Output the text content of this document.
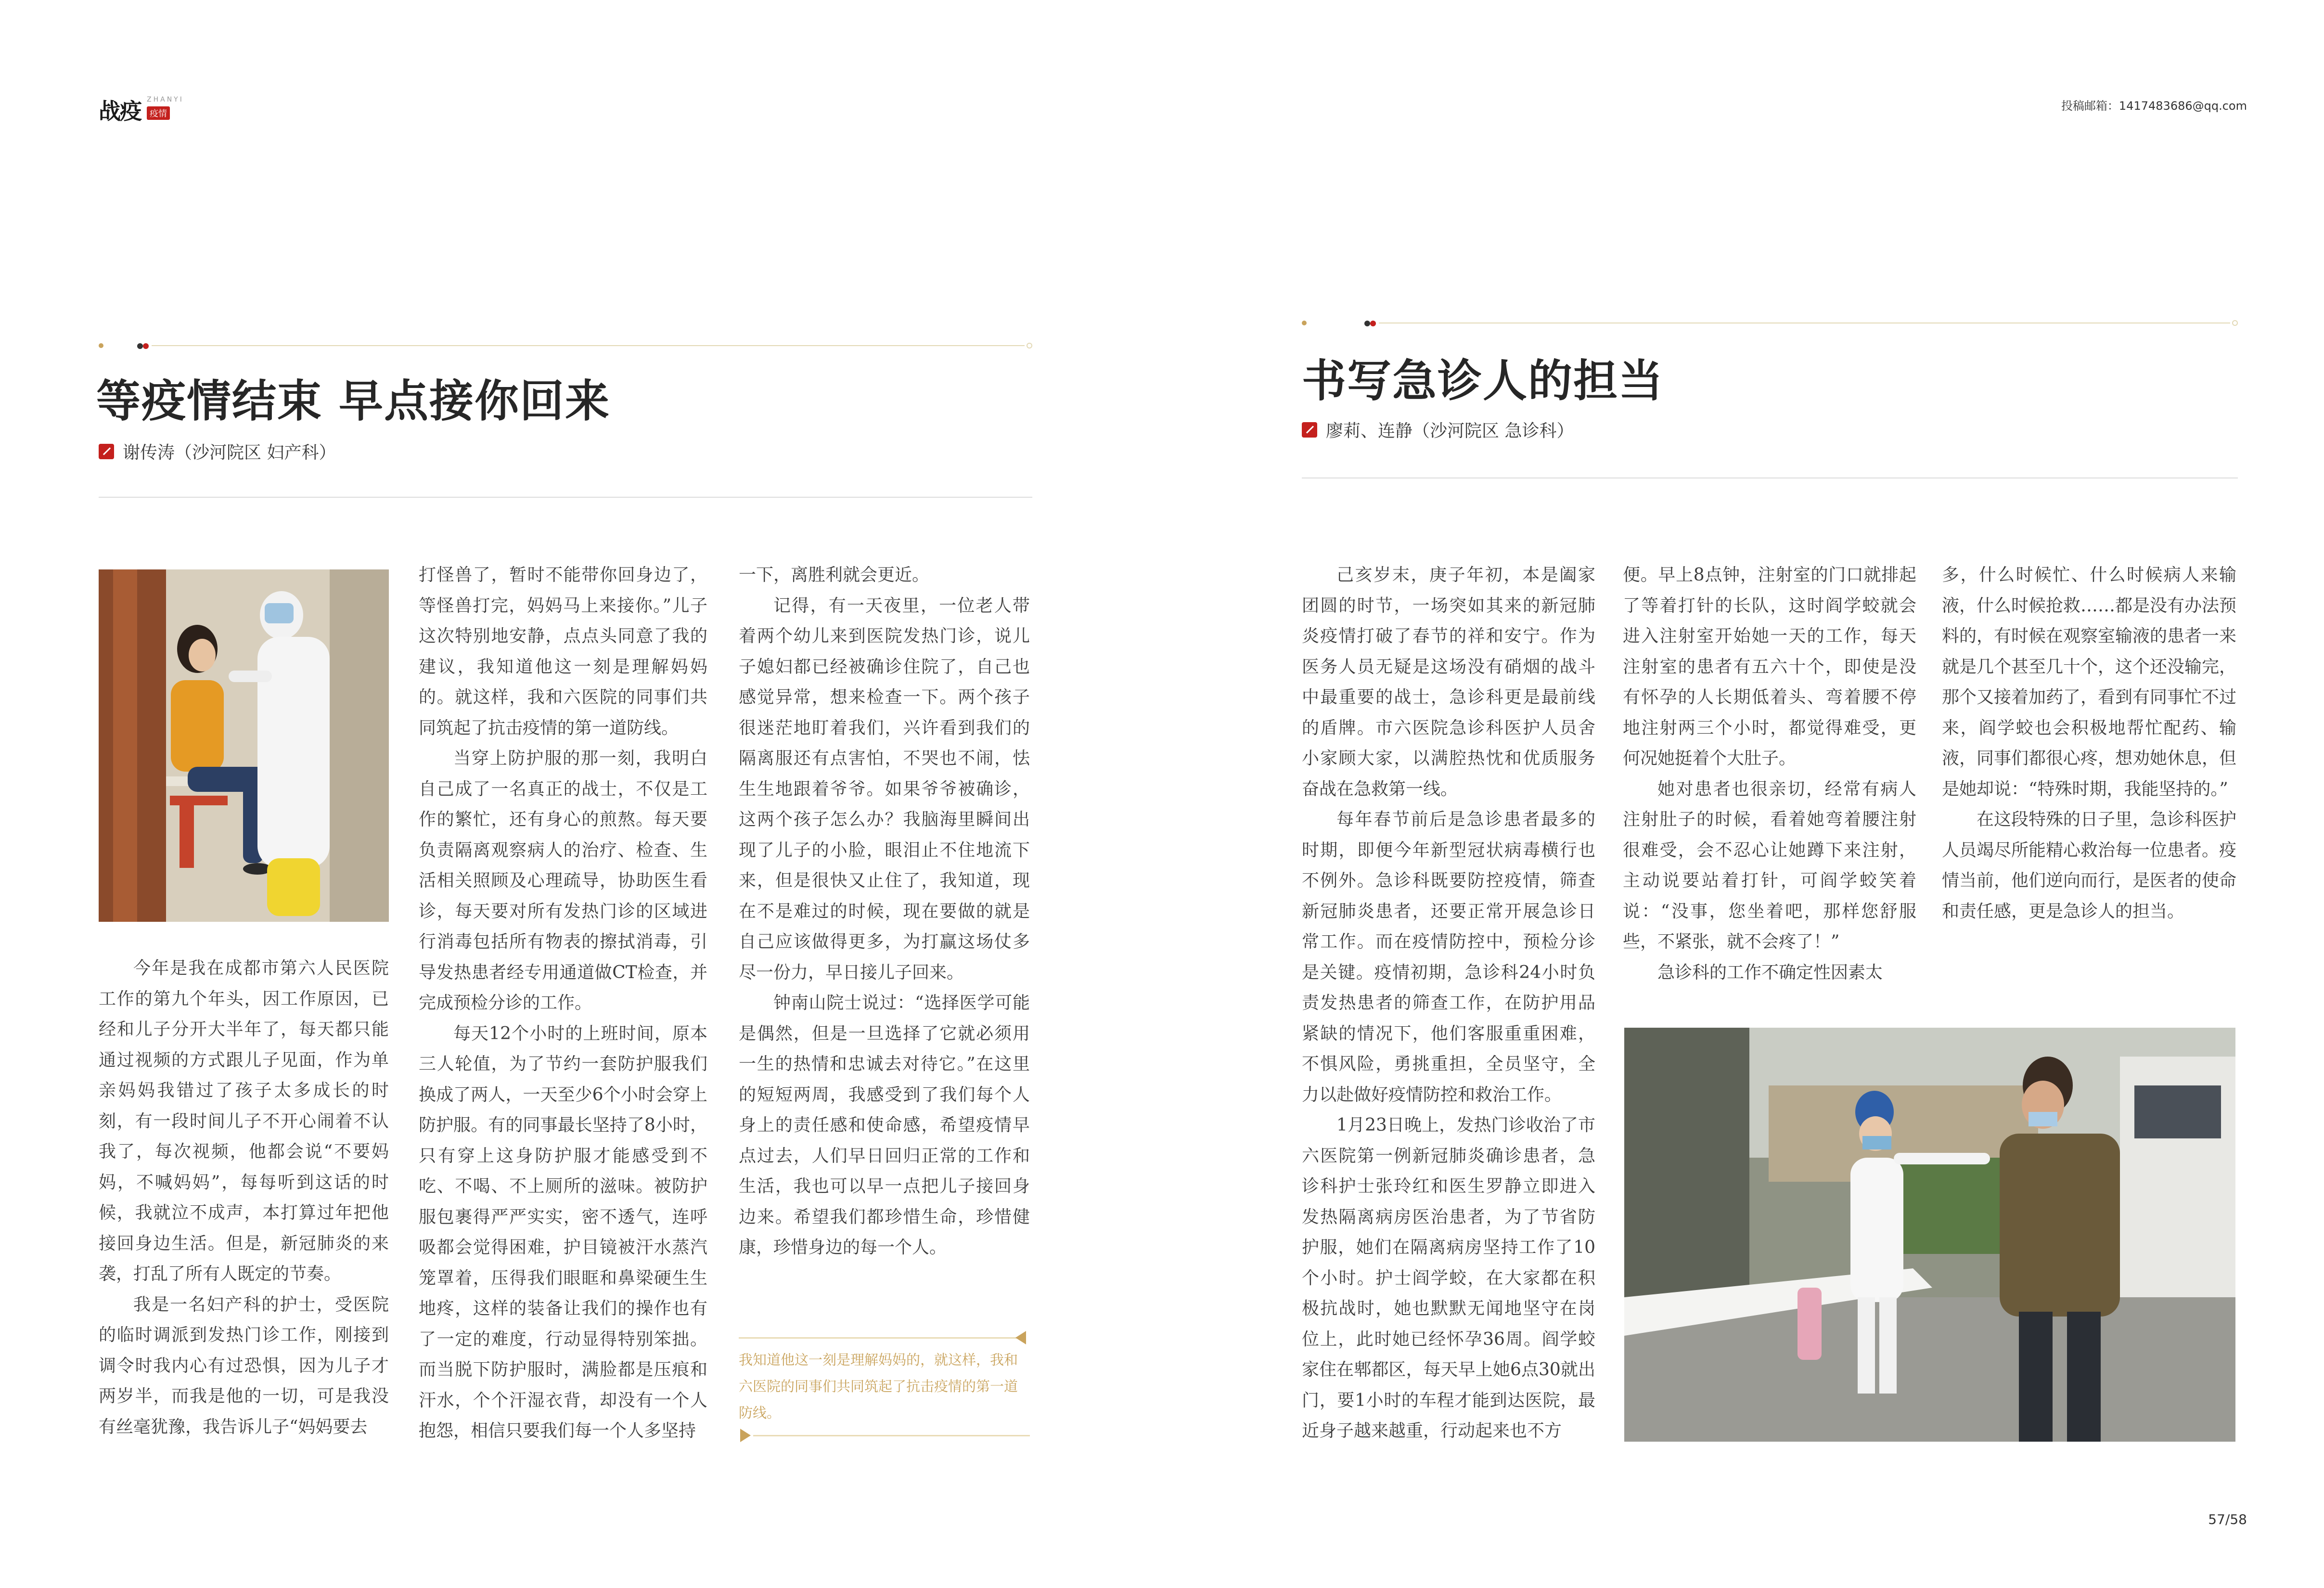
战疫 ZHANYI
疫情
投稿邮箱：1417483686@qq.com
等疫情结束 早点接你回来
谢传涛（沙河院区 妇产科）

今年是我在成都市第六人民医院工作的第九个年头，因工作原因，已经和儿子分开大半年了，每天都只能通过视频的方式跟儿子见面，作为单亲妈妈我错过了孩子太多成长的时刻，有一段时间儿子不开心闹着不认我了，每次视频，他都会说“不要妈妈，不喊妈妈”，每每听到这话的时候，我就泣不成声，本打算过年把他接回身边生活。但是，新冠肺炎的来袭，打乱了所有人既定的节奏。

我是一名妇产科的护士，受医院的临时调派到发热门诊工作，刚接到调令时我内心有过恐惧，因为儿子才两岁半，而我是他的一切，可是我没有丝毫犹豫，我告诉儿子“妈妈要去

打怪兽了，暂时不能带你回身边了，等怪兽打完，妈妈马上来接你。”儿子这次特别地安静，点点头同意了我的建议，我知道他这一刻是理解妈妈的。就这样，我和六医院的同事们共同筑起了抗击疫情的第一道防线。

当穿上防护服的那一刻，我明白自己成了一名真正的战士，不仅是工作的繁忙，还有身心的煎熬。每天要负责隔离观察病人的治疗、检查、生活相关照顾及心理疏导，协助医生看诊，每天要对所有发热门诊的区域进行消毒包括所有物表的擦拭消毒，引导发热患者经专用通道做CT检查，并完成预检分诊的工作。

每天12个小时的上班时间，原本三人轮值，为了节约一套防护服我们换成了两人，一天至少6个小时会穿上防护服。有的同事最长坚持了8小时，只有穿上这身防护服才能感受到不吃、不喝、不上厕所的滋味。被防护服包裹得严严实实，密不透气，连呼吸都会觉得困难，护目镜被汗水蒸汽笼罩着，压得我们眼眶和鼻梁硬生生地疼，这样的装备让我们的操作也有了一定的难度，行动显得特别笨拙。而当脱下防护服时，满脸都是压痕和汗水，个个汗湿衣背，却没有一个人抱怨，相信只要我们每一个人多坚持

一下，离胜利就会更近。

记得，有一天夜里，一位老人带着两个幼儿来到医院发热门诊，说儿子媳妇都已经被确诊住院了，自己也感觉异常，想来检查一下。两个孩子很迷茫地盯着我们，兴许看到我们的隔离服还有点害怕，不哭也不闹，怯生生地跟着爷爷。如果爷爷被确诊，这两个孩子怎么办？我脑海里瞬间出现了儿子的小脸，眼泪止不住地流下来，但是很快又止住了，我知道，现在不是难过的时候，现在要做的就是自己应该做得更多，为打赢这场仗多尽一份力，早日接儿子回来。

钟南山院士说过：“选择医学可能是偶然，但是一旦选择了它就必须用一生的热情和忠诚去对待它。”在这里的短短两周，我感受到了我们每个人身上的责任感和使命感，希望疫情早点过去，人们早日回归正常的工作和生活，我也可以早一点把儿子接回身边来。希望我们都珍惜生命，珍惜健康，珍惜身边的每一个人。

我知道他这一刻是理解妈妈的，就这样，我和六医院的同事们共同筑起了抗击疫情的第一道防线。
书写急诊人的担当
廖莉、连静（沙河院区 急诊科）

己亥岁末，庚子年初，本是阖家团圆的时节，一场突如其来的新冠肺炎疫情打破了春节的祥和安宁。作为医务人员无疑是这场没有硝烟的战斗中最重要的战士，急诊科更是最前线的盾牌。市六医院急诊科医护人员舍小家顾大家，以满腔热忱和优质服务奋战在急救第一线。

每年春节前后是急诊患者最多的时期，即便今年新型冠状病毒横行也不例外。急诊科既要防控疫情，筛查新冠肺炎患者，还要正常开展急诊日常工作。而在疫情防控中，预检分诊是关键。疫情初期，急诊科24小时负责发热患者的筛查工作，在防护用品紧缺的情况下，他们客服重重困难，不惧风险，勇挑重担，全员坚守，全力以赴做好疫情防控和救治工作。

1月23日晚上，发热门诊收治了市六医院第一例新冠肺炎确诊患者，急诊科护士张玲红和医生罗静立即进入发热隔离病房医治患者，为了节省防护服，她们在隔离病房坚持工作了10个小时。护士阎学蛟，在大家都在积极抗战时，她也默默无闻地坚守在岗位上，此时她已经怀孕36周。阎学蛟家住在郫都区，每天早上她6点30就出门，要1小时的车程才能到达医院，最近身子越来越重，行动起来也不方

便。早上8点钟，注射室的门口就排起了等着打针的长队，这时阎学蛟就会进入注射室开始她一天的工作，每天注射室的患者有五六十个，即使是没有怀孕的人长期低着头、弯着腰不停地注射两三个小时，都觉得难受，更何况她挺着个大肚子。

她对患者也很亲切，经常有病人注射肚子的时候，看着她弯着腰注射很难受，会不忍心让她蹲下来注射，主动说要站着打针，可阎学蛟笑着说：“没事，您坐着吧，那样您舒服些，不紧张，就不会疼了！”

急诊科的工作不确定性因素太

多，什么时候忙、什么时候病人来输液，什么时候抢救……都是没有办法预料的，有时候在观察室输液的患者一来就是几个甚至几十个，这个还没输完，那个又接着加药了，看到有同事忙不过来，阎学蛟也会积极地帮忙配药、输液，同事们都很心疼，想劝她休息，但是她却说：“特殊时期，我能坚持的。”

在这段特殊的日子里，急诊科医护人员竭尽所能精心救治每一位患者。疫情当前，他们逆向而行，是医者的使命和责任感，更是急诊人的担当。

57/58
